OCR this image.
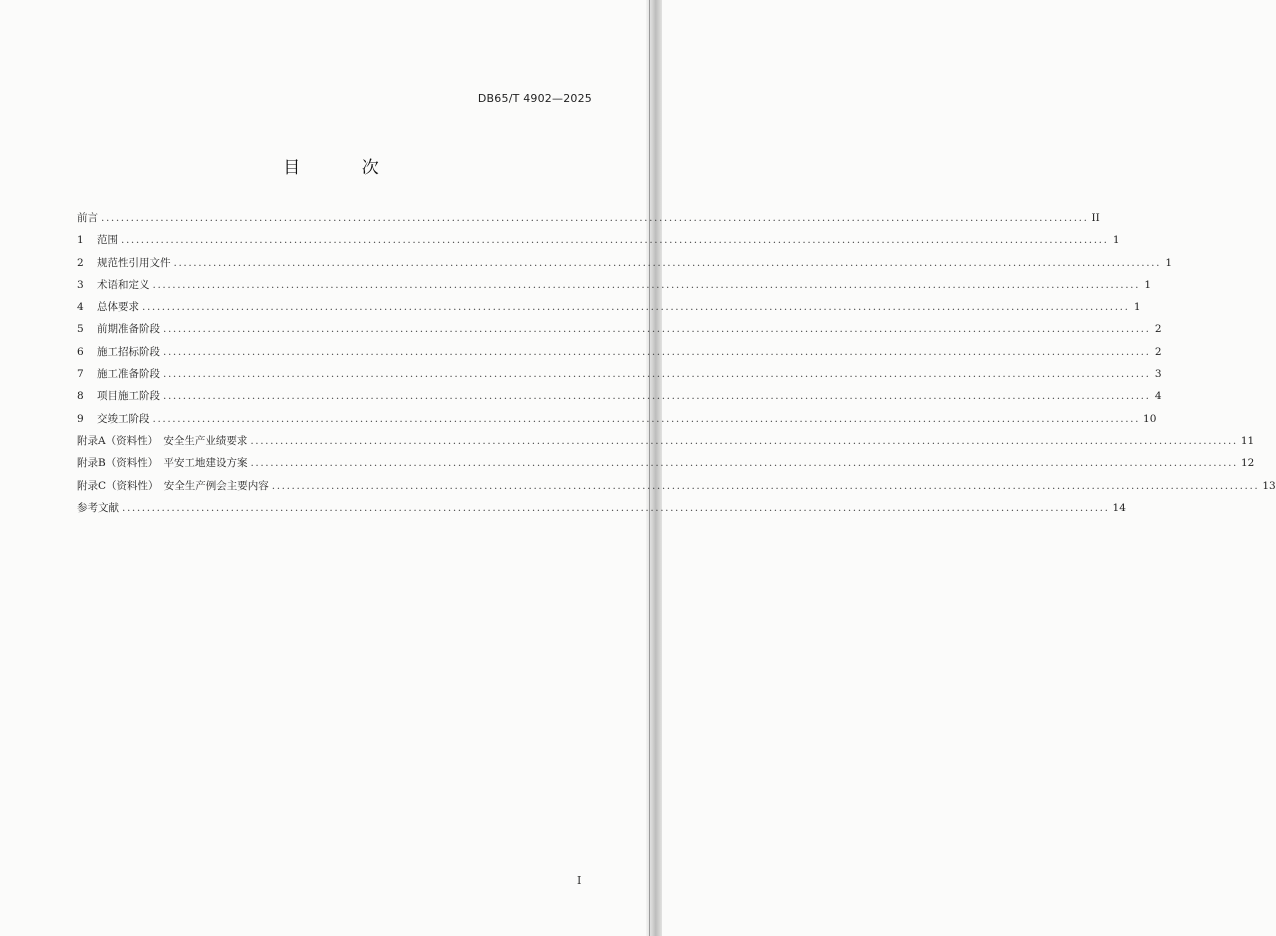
DB65/T 4902—2025
目 次
前言 ........................................................................................................................................................................................................ II
1	范围 ........................................................................................................................................................................................................ 1
2	规范性引用文件 ........................................................................................................................................................................................................ 1
3	术语和定义 ........................................................................................................................................................................................................ 1
4	总体要求 ........................................................................................................................................................................................................ 1
5	前期准备阶段 ........................................................................................................................................................................................................ 2
6	施工招标阶段 ........................................................................................................................................................................................................ 2
7	施工准备阶段 ........................................................................................................................................................................................................ 3
8	项目施工阶段 ........................................................................................................................................................................................................ 4
9	交竣工阶段 ........................................................................................................................................................................................................ 10
附录A（资料性）　安全生产业绩要求 ........................................................................................................................................................................................................ 11
附录B（资料性）　平安工地建设方案 ........................................................................................................................................................................................................ 12
附录C（资料性）　安全生产例会主要内容 ........................................................................................................................................................................................................ 13
参考文献 ........................................................................................................................................................................................................ 14
I
